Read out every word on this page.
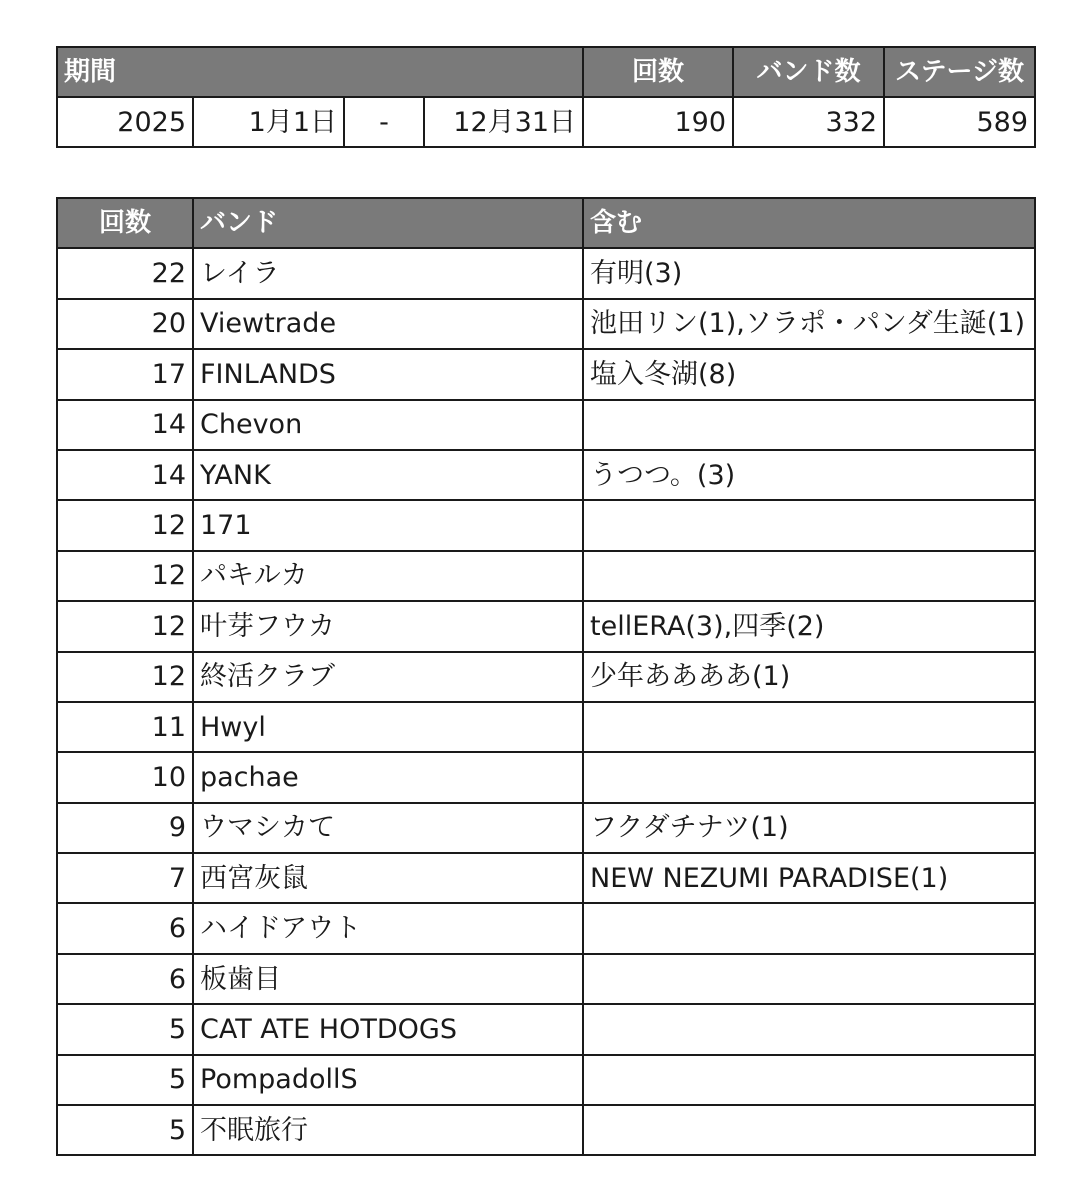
期間				回数	バンド数	ステージ数
2025	1月1日	-	12月31日	190	332	589
回数	バンド	含む
22	レイラ	有明(3)
20	Viewtrade	池田リン(1),ソラポ・パンダ生誕(1)
17	FINLANDS	塩入冬湖(8)
14	Chevon	
14	YANK	うつつ。(3)
12	171	
12	パキルカ	
12	叶芽フウカ	tellERA(3),四季(2)
12	終活クラブ	少年ああああ(1)
11	Hwyl	
10	pachae	
9	ウマシカて	フクダチナツ(1)
7	西宮灰鼠	NEW NEZUMI PARADISE(1)
6	ハイドアウト	
6	板歯目	
5	CAT ATE HOTDOGS	
5	PompadollS	
5	不眠旅行	
